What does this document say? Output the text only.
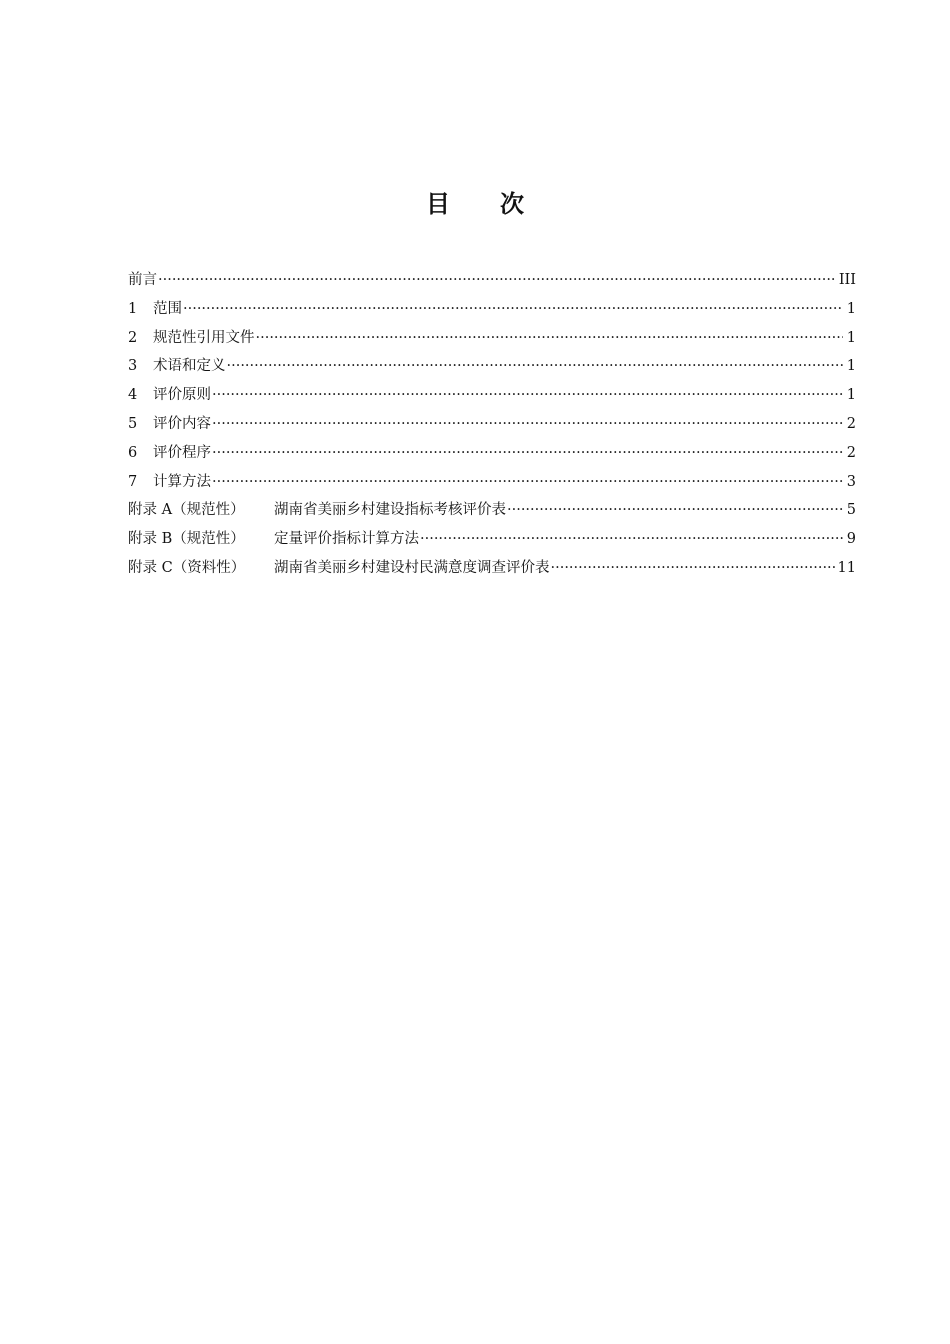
目 次
前言 ·····	III
1	范围 ·····	1
2	规范性引用文件 ·····	1
3	术语和定义 ·····	1
4	评价原则 ·····	1
5	评价内容 ·····	2
6	评价程序 ·····	2
7	计算方法 ·····	3
附录 A（规范性）	湖南省美丽乡村建设指标考核评价表 ·····	5
附录 B（规范性）	定量评价指标计算方法 ·····	9
附录 C（资料性）	湖南省美丽乡村建设村民满意度调查评价表 ·····	11
